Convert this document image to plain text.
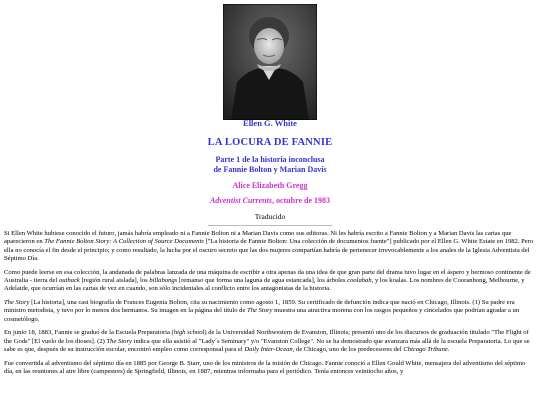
Ellen G. White
LA LOCURA DE FANNIE
Parte 1 de la historia inconclusa
de Fannie Bolton y Marian Davis
Alice Elizabeth Gregg
Adventist Currents, octubre de 1983
Traducido

Si Ellen White hubiese conocido el futuro, jamás habría empleado ni a Fannie Bolton ni a Marian Davis como sus editoras. Ni les habría escrito a Fannie Bolton y a Marian Davis las cartas que aparecieron en The Fannie Bolton Story: A Collection of Source Documents ["La historia de Fannie Bolton: Una colección de documentos fuente"] publicado por el Ellen G. White Estate en 1982. Pero ella no conocía el fin desde el principio; y como resultado, la lucha por el oscuro secreto que las dos mujeres compartían habría de pertenecer irrevocablemente a los anales de la Iglesia Adventista del Séptimo Día.

Como puede leerse en esa colección, la andanada de palabras lanzada de una máquina de escribir a otra apenas da una idea de que gran parte del drama tuvo lugar en el áspero y hermoso continente de Australia - tierra del outback [región rural aislada], los billabongs [remanso que forma una laguna de agua estancada], los árboles coolabah, y los koalas. Los nombres de Cooranbong, Melbourne, y Adelaide, que ocurrían en las cartas de vez en cuando, son sólo incidentales al conflicto entre los antagonistas de la historia.

The Story [La historia], una casi biografía de Frances Eugenia Bolton, cita su nacimiento como agosto 1, 1859. Su certificado de defunción indica que nació en Chicago, Illinois. (1) Su padre era ministro metodista, y tuvo por lo menos dos hermanos. Su imagen en la página del título de The Story muestra una atractiva morena con los rasgos pequeños y cincelados que podrían agradar a un cosmetólogo.

En junio 18, 1883, Fannie se graduó de la Escuela Preparatoria (high school) de la Universidad Northwestern de Evanston, Illinois; presentó uno de los discursos de graduación titulado "The Flight of the Gods" [El vuelo de los dioses]. (2) The Story indica que ella asistió al "Lady´s Seminary" y/o "Evanston College". No se ha demostrado que avanzara más allá de la escuela Preparatoria. Lo que se sabe es que, después de su instrucción escolar, encontró empleo como corresponsal para el Daily Inter-Ocean, de Chicago, uno de los predecesores del Chicago Tribune.

Fue convertida al adventismo del séptimo día en 1885 por George B. Starr, uno de los ministros de la misión de Chicago. Fannie conoció a Ellen Gould White, mensajera del adventismo del séptimo día, en las reuniones al aire libre (campestres) de Springfield, Illinois, en 1887, mientras informaba para el periódico. Tenía entonces veintiocho años, y
